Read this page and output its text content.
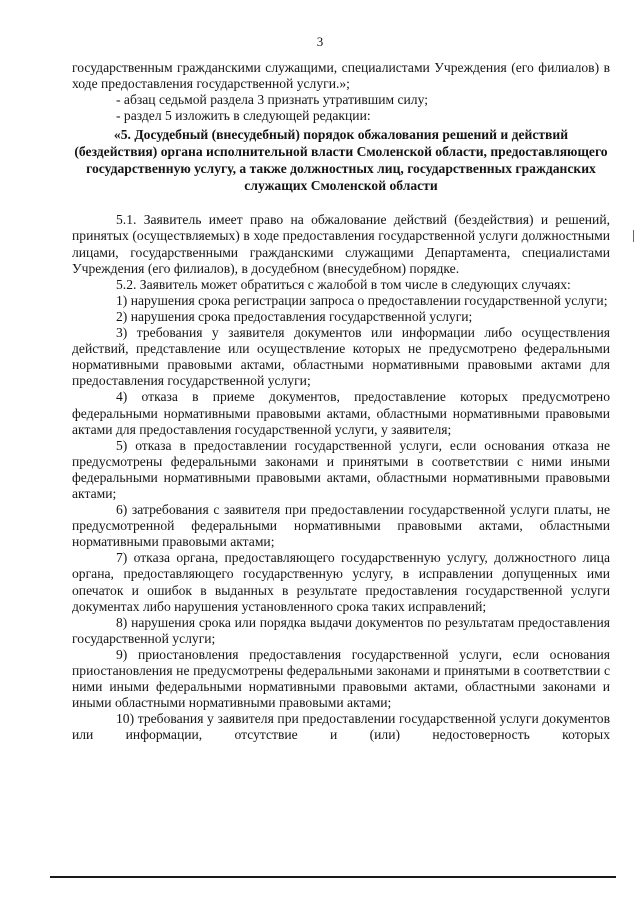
3

государственным гражданскими служащими, специалистами Учреждения (его филиалов) в ходе предоставления государственной услуги.»;

- абзац седьмой раздела 3 признать утратившим силу;

- раздел 5 изложить в следующей редакции:

«5. Досудебный (внесудебный) порядок обжалования решений и действий (бездействия) органа исполнительной власти Смоленской области, предоставляющего государственную услугу, а также должностных лиц, государственных гражданских служащих Смоленской области

5.1. Заявитель имеет право на обжалование действий (бездействия) и решений, принятых (осуществляемых) в ходе предоставления государственной услуги должностными лицами, государственными гражданскими служащими Департамента, специалистами Учреждения (его филиалов), в досудебном (внесудебном) порядке.

5.2. Заявитель может обратиться с жалобой в том числе в следующих случаях:

1) нарушения срока регистрации запроса о предоставлении государственной услуги;

2) нарушения срока предоставления государственной услуги;

3) требования у заявителя документов или информации либо осуществления действий, представление или осуществление которых не предусмотрено федеральными нормативными правовыми актами, областными нормативными правовыми актами для предоставления государственной услуги;

4) отказа в приеме документов, предоставление которых предусмотрено федеральными нормативными правовыми актами, областными нормативными правовыми актами для предоставления государственной услуги, у заявителя;

5) отказа в предоставлении государственной услуги, если основания отказа не предусмотрены федеральными законами и принятыми в соответствии с ними иными федеральными нормативными правовыми актами, областными нормативными правовыми актами;

6) затребования с заявителя при предоставлении государственной услуги платы, не предусмотренной федеральными нормативными правовыми актами, областными нормативными правовыми актами;

7) отказа органа, предоставляющего государственную услугу, должностного лица органа, предоставляющего государственную услугу, в исправлении допущенных ими опечаток и ошибок в выданных в результате предоставления государственной услуги документах либо нарушения установленного срока таких исправлений;

8) нарушения срока или порядка выдачи документов по результатам предоставления государственной услуги;

9) приостановления предоставления государственной услуги, если основания приостановления не предусмотрены федеральными законами и принятыми в соответствии с ними иными федеральными нормативными правовыми актами, областными законами и иными областными нормативными правовыми актами;

10) требования у заявителя при предоставлении государственной услуги документов или информации, отсутствие и (или) недостоверность которых
